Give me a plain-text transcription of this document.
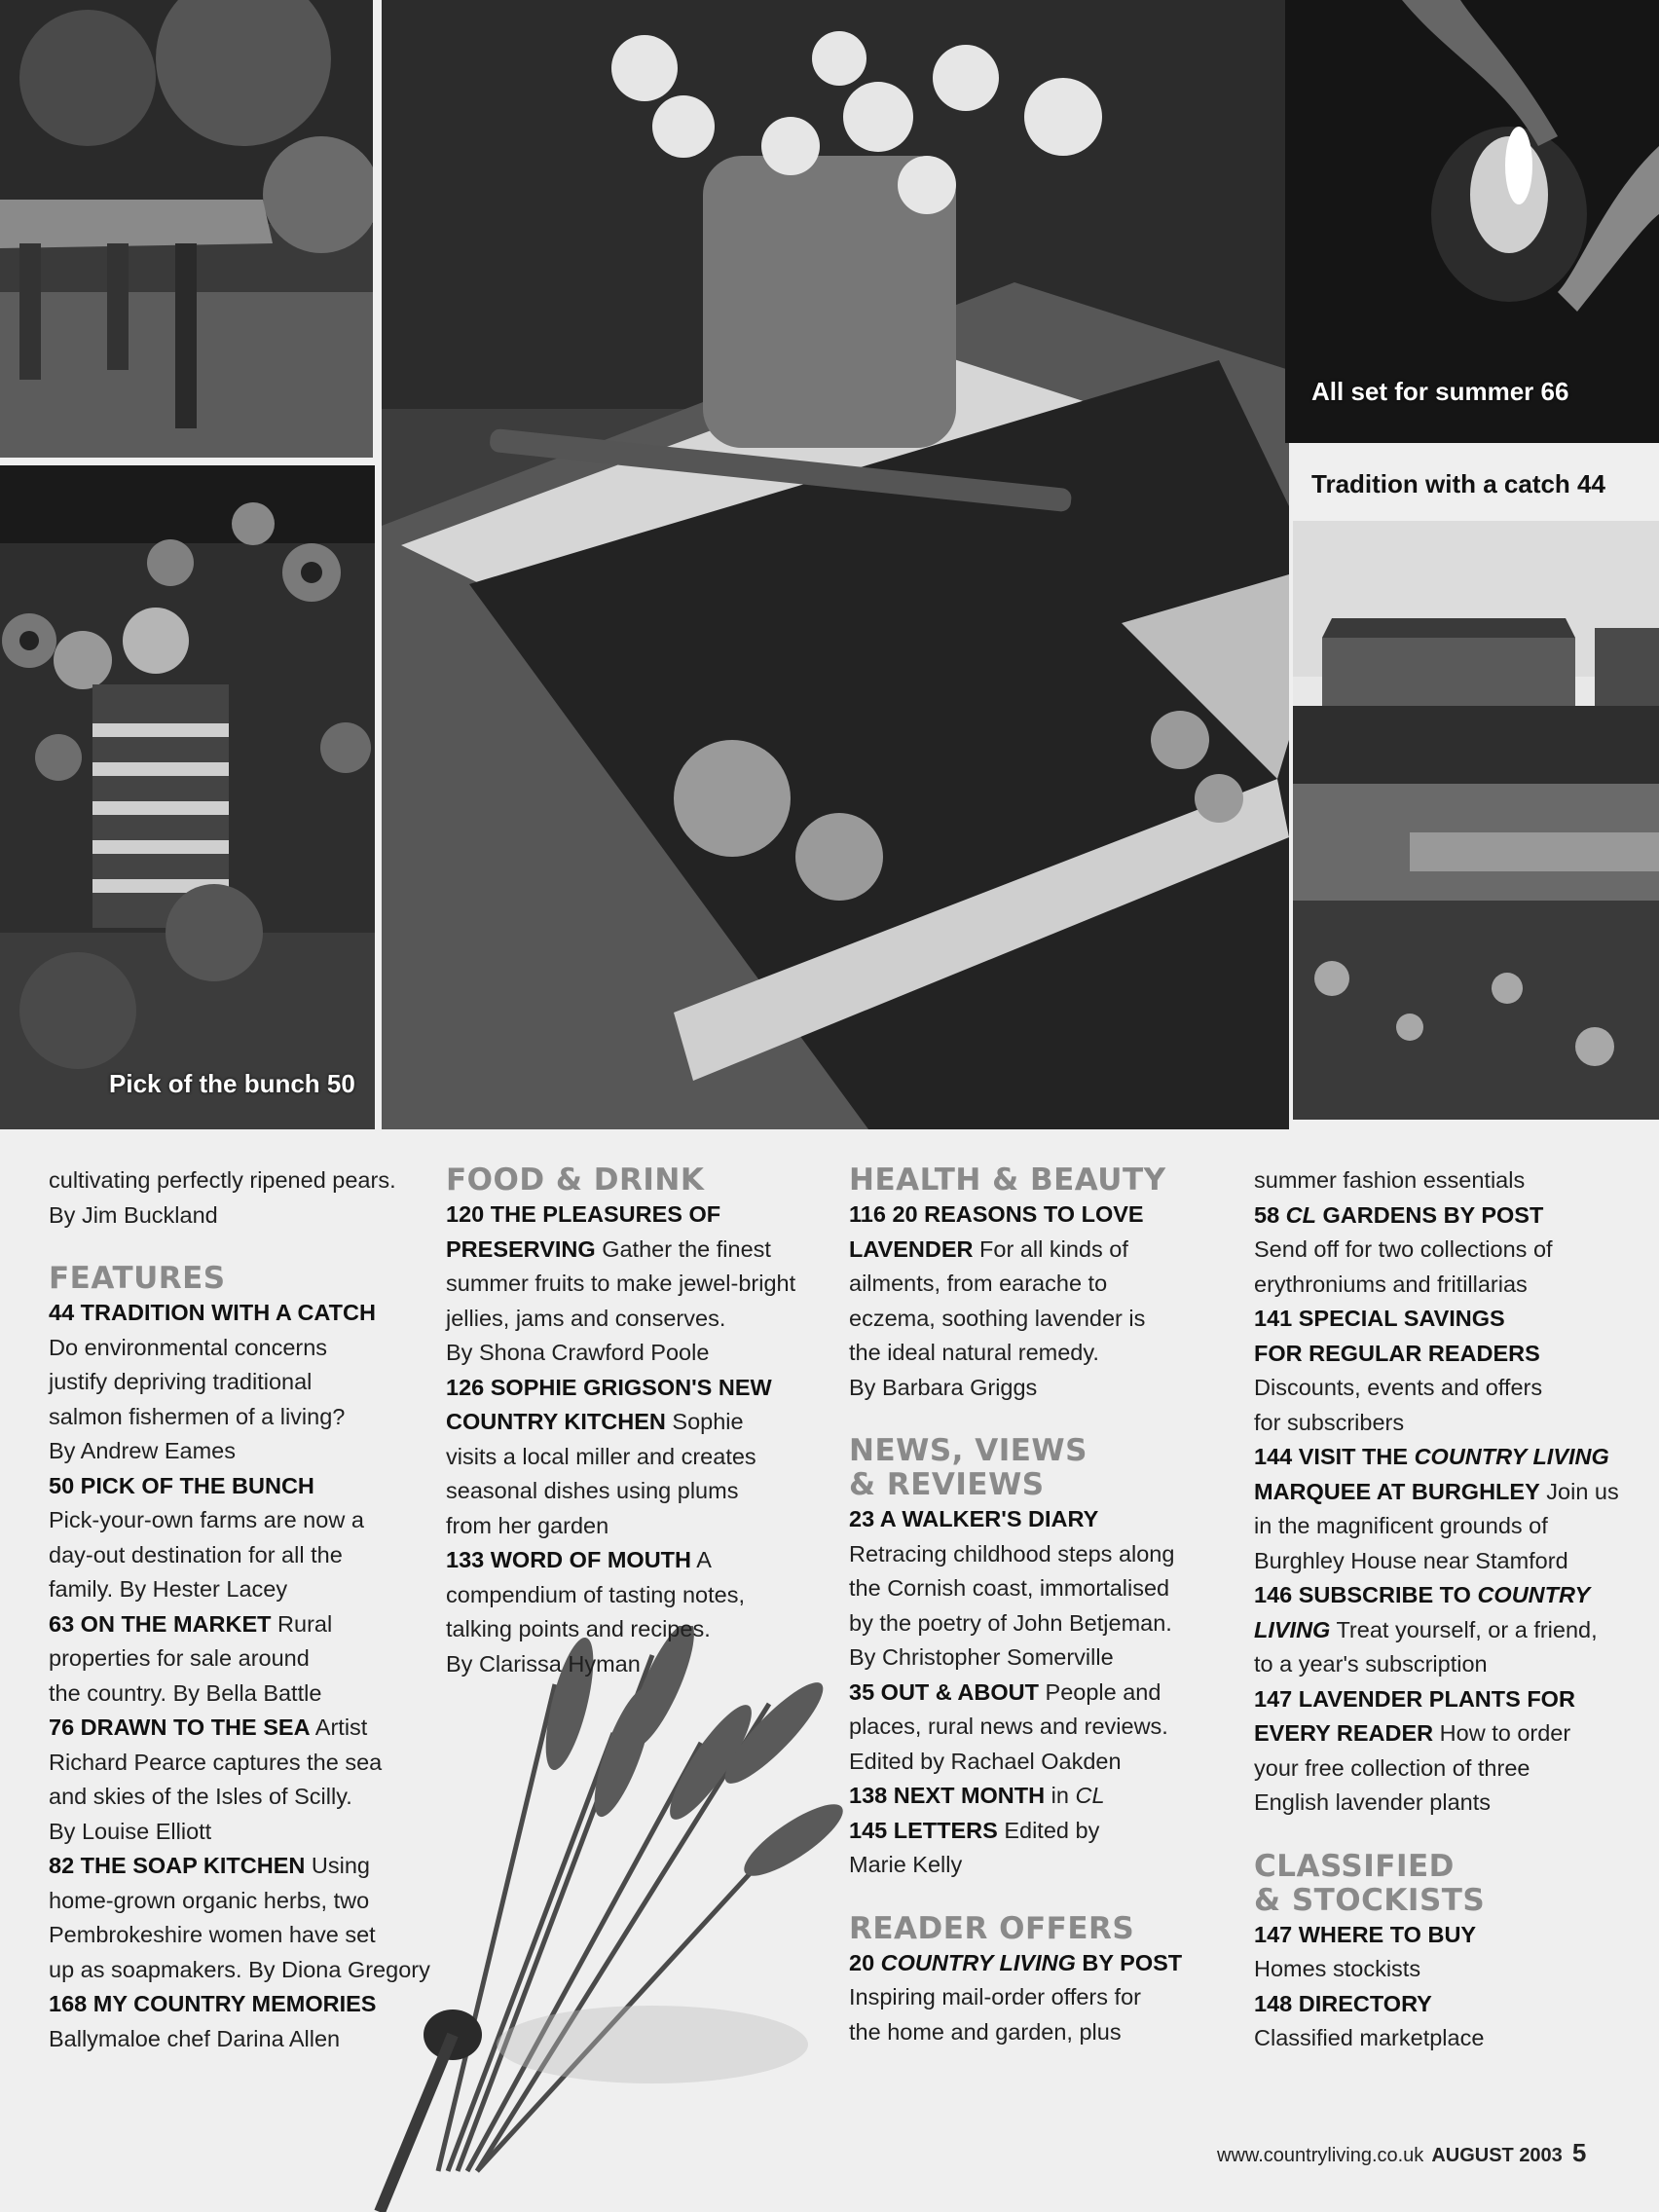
Pick of the bunch 50
All set for summer 66
Tradition with a catch 44

cultivating perfectly ripened pears.

By Jim Buckland

FEATURES

44 TRADITION WITH A CATCH

Do environmental concerns

justify depriving traditional

salmon fishermen of a living?

By Andrew Eames

50 PICK OF THE BUNCH

Pick-your-own farms are now a

day-out destination for all the

family. By Hester Lacey

63 ON THE MARKET Rural

properties for sale around

the country. By Bella Battle

76 DRAWN TO THE SEA Artist

Richard Pearce captures the sea

and skies of the Isles of Scilly.

By Louise Elliott

82 THE SOAP KITCHEN Using

home-grown organic herbs, two

Pembrokeshire women have set

up as soapmakers. By Diona Gregory

168 MY COUNTRY MEMORIES

Ballymaloe chef Darina Allen

FOOD & DRINK

120 THE PLEASURES OF

PRESERVING Gather the finest

summer fruits to make jewel-bright

jellies, jams and conserves.

By Shona Crawford Poole

126 SOPHIE GRIGSON'S NEW

COUNTRY KITCHEN Sophie

visits a local miller and creates

seasonal dishes using plums

from her garden

133 WORD OF MOUTH A

compendium of tasting notes,

talking points and recipes.

By Clarissa Hyman

HEALTH & BEAUTY

116 20 REASONS TO LOVE

LAVENDER For all kinds of

ailments, from earache to

eczema, soothing lavender is

the ideal natural remedy.

By Barbara Griggs

NEWS, VIEWS

& REVIEWS

23 A WALKER'S DIARY

Retracing childhood steps along

the Cornish coast, immortalised

by the poetry of John Betjeman.

By Christopher Somerville

35 OUT & ABOUT People and

places, rural news and reviews.

Edited by Rachael Oakden

138 NEXT MONTH in CL

145 LETTERS Edited by

Marie Kelly

READER OFFERS

20 COUNTRY LIVING BY POST

Inspiring mail-order offers for

the home and garden, plus

summer fashion essentials

58 CL GARDENS BY POST

Send off for two collections of

erythroniums and fritillarias

141 SPECIAL SAVINGS

FOR REGULAR READERS

Discounts, events and offers

for subscribers

144 VISIT THE COUNTRY LIVING

MARQUEE AT BURGHLEY Join us

in the magnificent grounds of

Burghley House near Stamford

146 SUBSCRIBE TO COUNTRY

LIVING Treat yourself, or a friend,

to a year's subscription

147 LAVENDER PLANTS FOR

EVERY READER How to order

your free collection of three

English lavender plants

CLASSIFIED

& STOCKISTS

147 WHERE TO BUY

Homes stockists

148 DIRECTORY

Classified marketplace

www.countryliving.co.uk AUGUST 2003 5
